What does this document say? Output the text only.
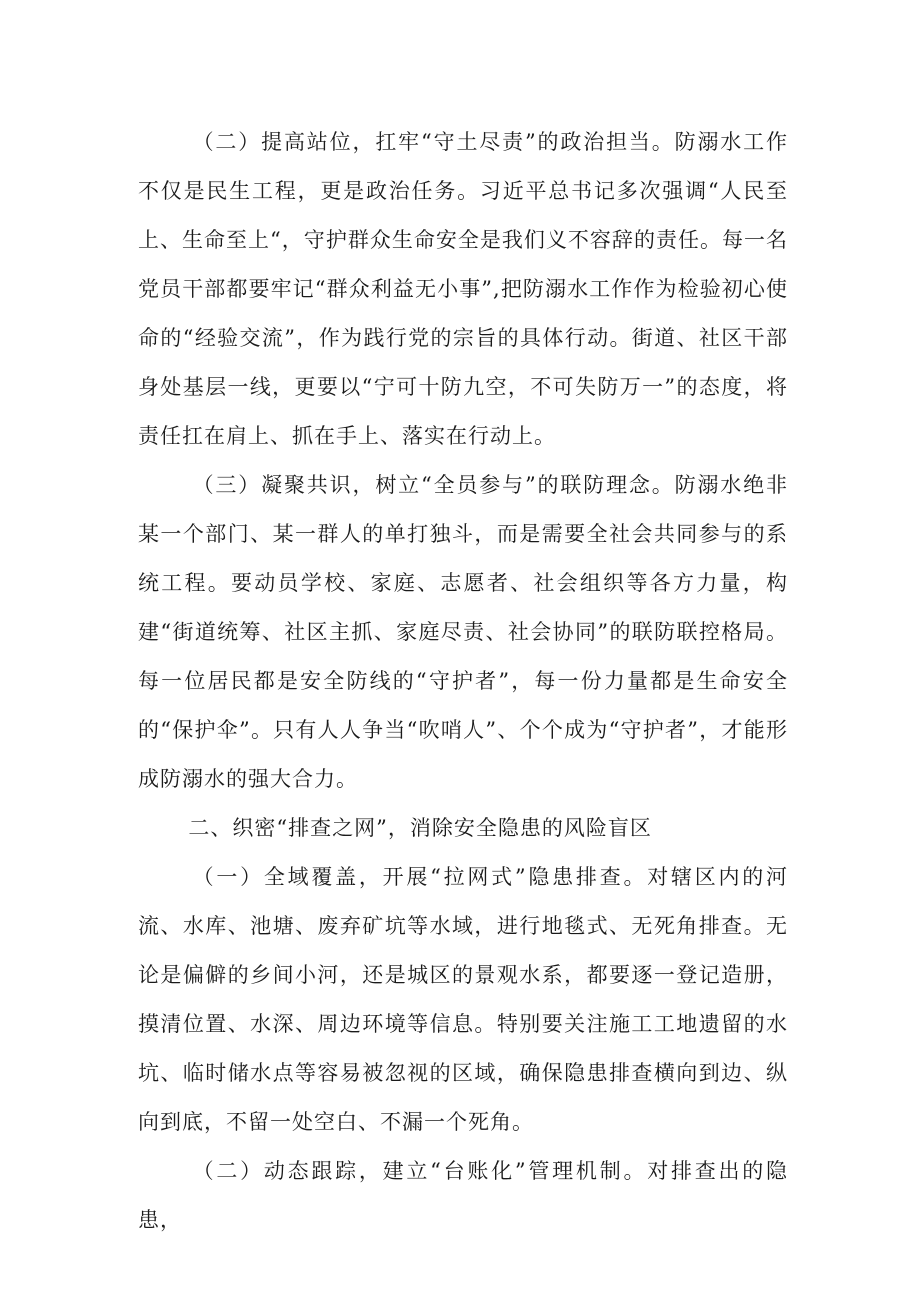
（二）提高站位，扛牢“守土尽责”的政治担当。防溺水工作不仅是民生工程，更是政治任务。习近平总书记多次强调“人民至上、生命至上“，守护群众生命安全是我们义不容辞的责任。每一名党员干部都要牢记“群众利益无小事”,把防溺水工作作为检验初心使命的“经验交流”，作为践行党的宗旨的具体行动。街道、社区干部身处基层一线，更要以“宁可十防九空，不可失防万一”的态度，将责任扛在肩上、抓在手上、落实在行动上。

（三）凝聚共识，树立“全员参与”的联防理念。防溺水绝非某一个部门、某一群人的单打独斗，而是需要全社会共同参与的系统工程。要动员学校、家庭、志愿者、社会组织等各方力量，构建“街道统筹、社区主抓、家庭尽责、社会协同”的联防联控格局。每一位居民都是安全防线的“守护者”，每一份力量都是生命安全的“保护伞”。只有人人争当“吹哨人”、个个成为“守护者”，才能形成防溺水的强大合力。

二、织密“排查之网”，消除安全隐患的风险盲区

（一）全域覆盖，开展“拉网式”隐患排查。对辖区内的河流、水库、池塘、废弃矿坑等水域，进行地毯式、无死角排查。无论是偏僻的乡间小河，还是城区的景观水系，都要逐一登记造册，摸清位置、水深、周边环境等信息。特别要关注施工工地遗留的水坑、临时储水点等容易被忽视的区域，确保隐患排查横向到边、纵向到底，不留一处空白、不漏一个死角。

（二）动态跟踪，建立“台账化”管理机制。对排查出的隐患，
